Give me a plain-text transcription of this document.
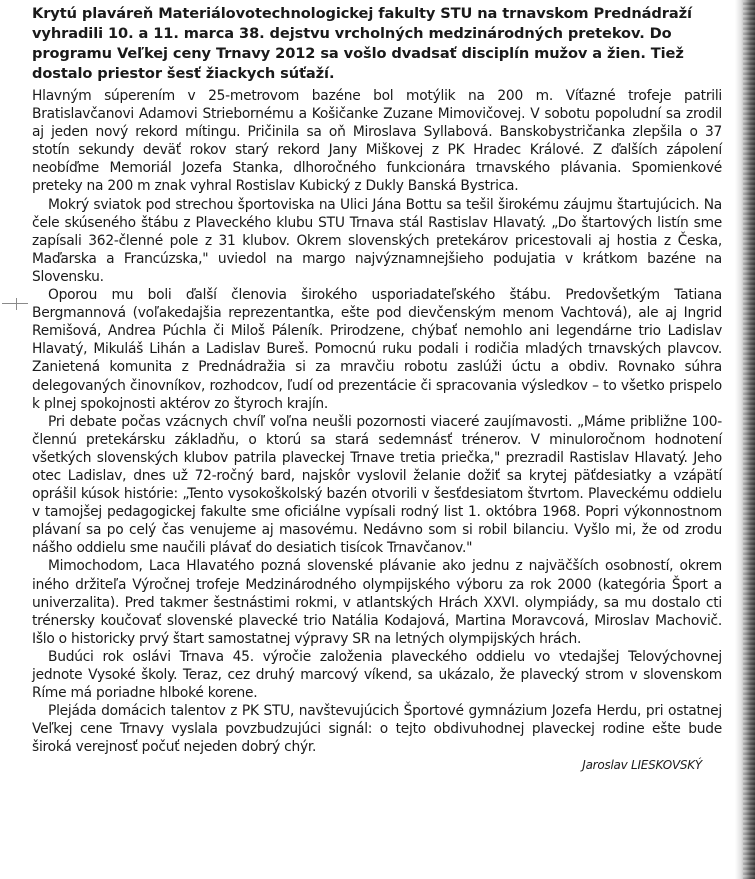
Krytú plaváreň Materiálovotechnologickej fakulty STU na trnavskom Prednádraží vyhradili 10. a 11. marca 38. dejstvu vrcholných medzinárodných pretekov. Do programu Veľkej ceny Trnavy 2012 sa vošlo dvadsať disciplín mužov a žien. Tiež dostalo priestor šesť žiackych súťaží.

Hlavným súperením v 25-metrovom bazéne bol motýlik na 200 m. Víťazné trofeje patrili Bratislavčanovi Adamovi Striebornému a Košičanke Zuzane Mimovičovej. V sobotu popoludní sa zrodil aj jeden nový rekord mítingu. Pričinila sa oň Miroslava Syllabová. Banskobystričanka zlepšila o 37 stotín sekundy deväť rokov starý rekord Jany Miškovej z PK Hradec Králové. Z ďalších zápolení neobíďme Memoriál Jozefa Stanka, dlhoročného funkcionára trnavského plávania. Spomienkové preteky na 200 m znak vyhral Rostislav Kubický z Dukly Banská Bystrica.

Mokrý sviatok pod strechou športoviska na Ulici Jána Bottu sa tešil širokému záujmu štartujúcich. Na čele skúseného štábu z Plaveckého klubu STU Trnava stál Rastislav Hlavatý. „Do štartových listín sme zapísali 362-členné pole z 31 klubov. Okrem slovenských pretekárov pricestovali aj hostia z Česka, Maďarska a Francúzska," uviedol na margo najvýznamnejšieho podujatia v krátkom bazéne na Slovensku.

Oporou mu boli ďalší členovia širokého usporiadateľského štábu. Predovšetkým Tatiana Bergmannová (voľakedajšia reprezentantka, ešte pod dievčenským menom Vachtová), ale aj Ingrid Remišová, Andrea Púchla či Miloš Páleník. Prirodzene, chýbať nemohlo ani legendárne trio Ladislav Hlavatý, Mikuláš Lihán a Ladislav Bureš. Pomocnú ruku podali i rodičia mladých trnavských plavcov. Zanietená komunita z Prednádražia si za mravčiu robotu zaslúži úctu a obdiv. Rovnako súhra delegovaných činovníkov, rozhodcov, ľudí od prezentácie či spracovania výsledkov – to všetko prispelo k plnej spokojnosti aktérov zo štyroch krajín.

Pri debate počas vzácnych chvíľ voľna neušli pozornosti viaceré zaujímavosti. „Máme približne 100-člennú pretekársku základňu, o ktorú sa stará sedemnásť trénerov. V minuloročnom hodnotení všetkých slovenských klubov patrila plaveckej Trnave tretia priečka," prezradil Rastislav Hlavatý. Jeho otec Ladislav, dnes už 72-ročný bard, najskôr vyslovil želanie dožiť sa krytej päťdesiatky a vzápätí oprášil kúsok histórie: „Tento vysokoškolský bazén otvorili v šesťdesiatom štvrtom. Plaveckému oddielu v tamojšej pedagogickej fakulte sme oficiálne vypísali rodný list 1. októbra 1968. Popri výkonnostnom plávaní sa po celý čas venujeme aj masovému. Nedávno som si robil bilanciu. Vyšlo mi, že od zrodu nášho oddielu sme naučili plávať do desiatich tisícok Trnavčanov."

Mimochodom, Laca Hlavatého pozná slovenské plávanie ako jednu z najväčších osobností, okrem iného držiteľa Výročnej trofeje Medzinárodného olympijského výboru za rok 2000 (kategória Šport a univerzalita). Pred takmer šestnástimi rokmi, v atlantských Hrách XXVI. olympiády, sa mu dostalo cti trénersky koučovať slovenské plavecké trio Natália Kodajová, Martina Moravcová, Miroslav Machovič. Išlo o historicky prvý štart samostatnej výpravy SR na letných olympijských hrách.

Budúci rok oslávi Trnava 45. výročie založenia plaveckého oddielu vo vtedajšej Telovýchovnej jednote Vysoké školy. Teraz, cez druhý marcový víkend, sa ukázalo, že plavecký strom v slovenskom Ríme má poriadne hlboké korene.

Plejáda domácich talentov z PK STU, navštevujúcich Športové gymnázium Jozefa Herdu, pri ostatnej Veľkej cene Trnavy vyslala povzbudzujúci signál: o tejto obdivuhodnej plaveckej rodine ešte bude široká verejnosť počuť nejeden dobrý chýr.

Jaroslav LIESKOVSKÝ
